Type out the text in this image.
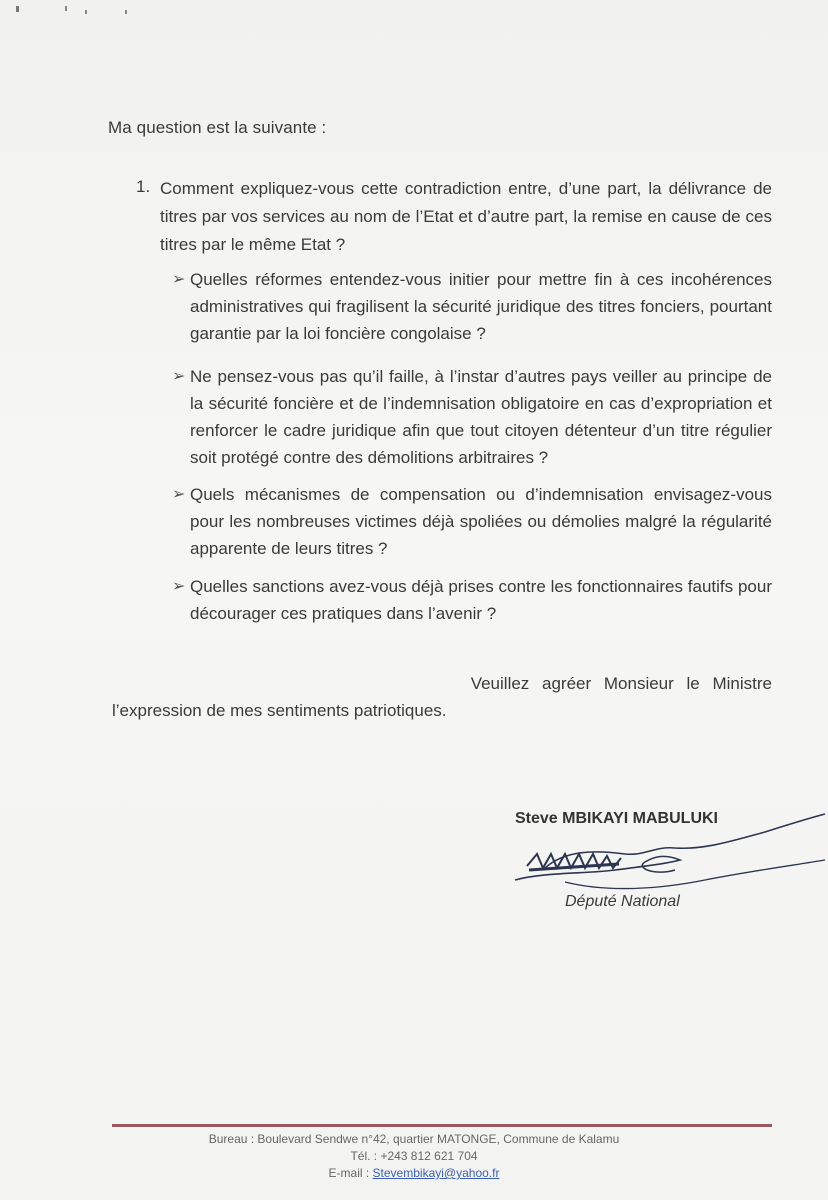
Ma question est la suivante :
1. Comment expliquez-vous cette contradiction entre, d’une part, la délivrance de titres par vos services au nom de l’Etat et d’autre part, la remise en cause de ces titres par le même Etat ?
➢ Quelles réformes entendez-vous initier pour mettre fin à ces incohérences administratives qui fragilisent la sécurité juridique des titres fonciers, pourtant garantie par la loi foncière congolaise ?
➢ Ne pensez-vous pas qu’il faille, à l’instar d’autres pays veiller au principe de la sécurité foncière et de l’indemnisation obligatoire en cas d’expropriation et renforcer le cadre juridique afin que tout citoyen détenteur d’un titre régulier soit protégé contre des démolitions arbitraires ?
➢ Quels mécanismes de compensation ou d’indemnisation envisagez-vous pour les nombreuses victimes déjà spoliées ou démolies malgré la régularité apparente de leurs titres ?
➢ Quelles sanctions avez-vous déjà prises contre les fonctionnaires fautifs pour décourager ces pratiques dans l’avenir ?
Veuillez agréer Monsieur le Ministre
l’expression de mes sentiments patriotiques.
Steve MBIKAYI MABULUKI
Député National
Bureau : Boulevard Sendwe n°42, quartier MATONGE, Commune de Kalamu
Tél. : +243 812 621 704
E-mail : Stevembikayi@yahoo.fr
